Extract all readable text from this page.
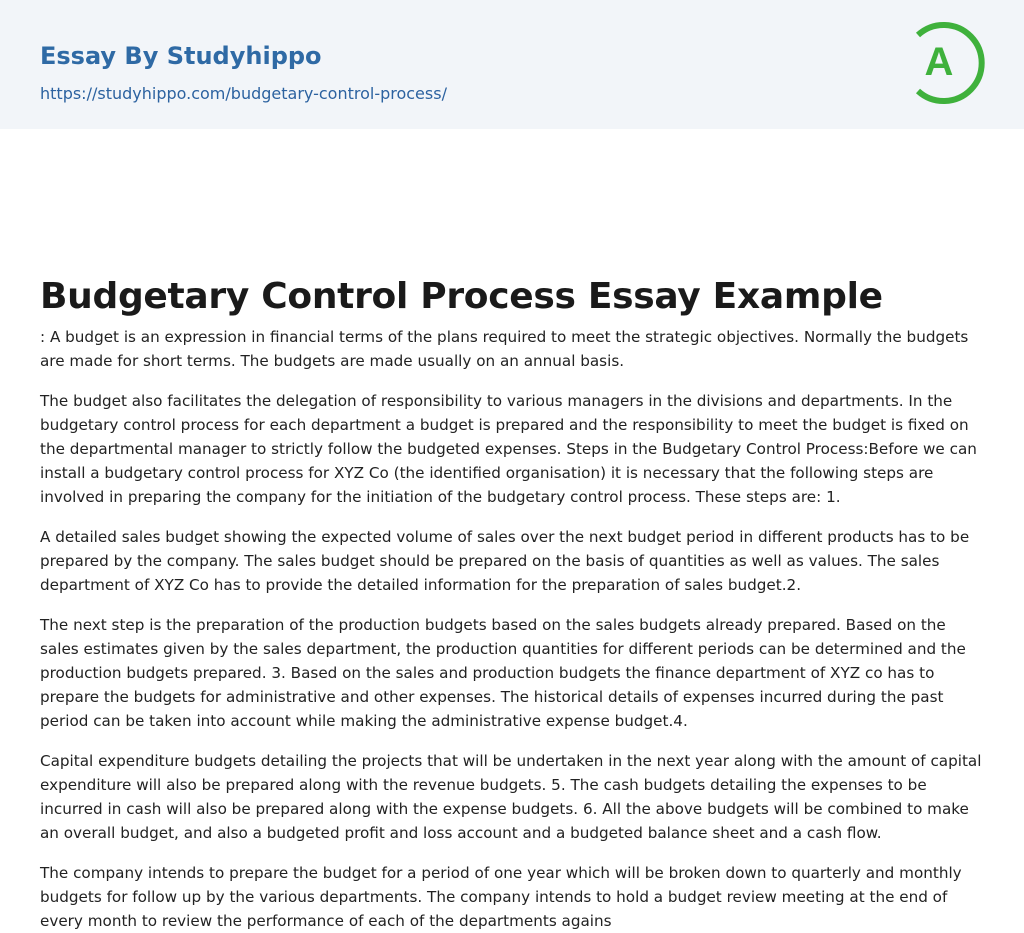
Essay By Studyhippo
https://studyhippo.com/budgetary-control-process/
A
Budgetary Control Process Essay Example

: A budget is an expression in financial terms of the plans required to meet the strategic objectives. Normally the budgets are made for short terms. The budgets are made usually on an annual basis.

The budget also facilitates the delegation of responsibility to various managers in the divisions and departments. In the budgetary control process for each department a budget is prepared and the responsibility to meet the budget is fixed on the departmental manager to strictly follow the budgeted expenses. Steps in the Budgetary Control Process:Before we can install a budgetary control process for XYZ Co (the identified organisation) it is necessary that the following steps are involved in preparing the company for the initiation of the budgetary control process. These steps are: 1.

A detailed sales budget showing the expected volume of sales over the next budget period in different products has to be prepared by the company. The sales budget should be prepared on the basis of quantities as well as values. The sales department of XYZ Co has to provide the detailed information for the preparation of sales budget.2.

The next step is the preparation of the production budgets based on the sales budgets already prepared. Based on the sales estimates given by the sales department, the production quantities for different periods can be determined and the production budgets prepared. 3. Based on the sales and production budgets the finance department of XYZ co has to prepare the budgets for administrative and other expenses. The historical details of expenses incurred during the past period can be taken into account while making the administrative expense budget.4.

Capital expenditure budgets detailing the projects that will be undertaken in the next year along with the amount of capital expenditure will also be prepared along with the revenue budgets. 5. The cash budgets detailing the expenses to be incurred in cash will also be prepared along with the expense budgets. 6. All the above budgets will be combined to make an overall budget, and also a budgeted profit and loss account and a budgeted balance sheet and a cash flow.

The company intends to prepare the budget for a period of one year which will be broken down to quarterly and monthly budgets for follow up by the various departments. The company intends to hold a budget review meeting at the end of every month to review the performance of each of the departments agains
